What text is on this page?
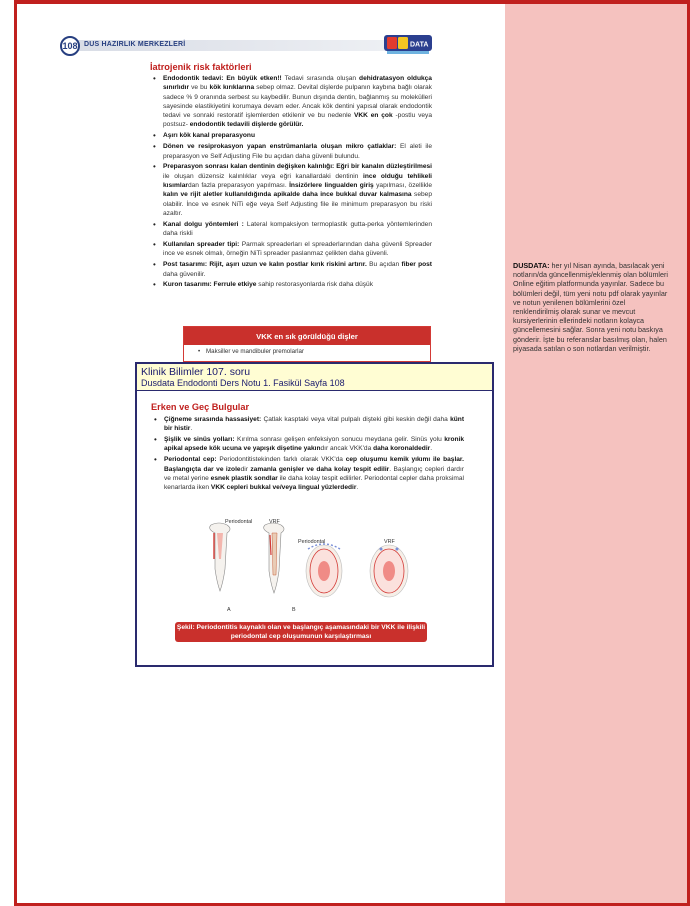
DUSDATA: her yıl Nisan ayında, basılacak yeni notların/da güncellenmiş/eklenmiş olan bölümleri Online eğitim platformunda yayınlar. Sadece bu bölümleri değil, tüm yeni notu pdf olarak yayınlar ve notun yenilenen bölümlerini özel renklendirilmiş olarak sunar ve mevcut kursiyerlerinin ellerindeki notların kolayca güncellemesini sağlar. Sonra yeni notu baskıya gönderir. İşte bu referanslar basılmış olan, halen piyasada satılan o son notlardan verilmiştir.
108 DUS HAZIRLIK MERKEZLERİ	DATA
İatrojenik risk faktörleri
• Endodontik tedavi: En büyük etken!! Tedavi sırasında oluşan dehidratasyon oldukça sınırlıdır ve bu kök kırıklarına sebep olmaz. Devital dişlerde pulpanın kaybına bağlı olarak sadece % 9 oranında serbest su kaybedilir. Bunun dışında dentin, bağlanmış su molekülleri sayesinde elastikiyetini korumaya devam eder. Ancak kök dentini yapısal olarak endodontik tedavi ve sonraki restoratif işlemlerden etkilenir ve bu nedenle VKK en çok -postlu veya postsuz- endodontik tedavili dişlerde görülür.
• Aşırı kök kanal preparasyonu
• Dönen ve resiprokasyon yapan enstrümanlarla oluşan mikro çatlaklar: El aleti ile preparasyon ve Self Adjusting File bu açıdan daha güvenli bulundu.
• Preparasyon sonrası kalan dentinin değişken kalınlığı: Eğri bir kanalın düzleştirilmesi ile oluşan düzensiz kalınlıklar veya eğri kanallardaki dentinin ince olduğu tehlikeli kısımlardan fazla preparasyon yapılması. İnsizörlere lingualden giriş yapılması, özellikle kalın ve rijit aletler kullanıldığında apikalde daha ince bukkal duvar kalmasına sebep olabilir. İnce ve esnek NiTi eğe veya Self Adjusting file ile minimum preparasyon bu riski azaltır.
• Kanal dolgu yöntemleri : Lateral kompaksiyon termoplastik gutta-perka yöntemlerinden daha riskli
• Kullanılan spreader tipi: Parmak spreaderları el spreaderlarından daha güvenli Spreader ince ve esnek olmalı, örneğin NiTi spreader paslanmaz çelikten daha güvenli.
• Post tasarımı: Rijit, aşırı uzun ve kalın postlar kırık riskini artırır. Bu açıdan fiber post daha güvenilir.
• Kuron tasarımı: Ferrule etkiye sahip restorasyonlarda risk daha düşük
VKK en sık görüldüğü dişler
• Maksiller ve mandibuler premolarlar
Klinik Bilimler 107. soru
Dusdata Endodonti Ders Notu 1. Fasikül Sayfa 108
Erken ve Geç Bulgular
• Çiğneme sırasında hassasiyet: Çatlak kasptaki veya vital pulpalı dişteki gibi keskin değil daha künt bir histir.
• Şişlik ve sinüs yolları: Kırılma sonrası gelişen enfeksiyon sonucu meydana gelir. Sinüs yolu kronik apikal apsede kök ucuna ve yapışık dişetine yakındır ancak VKK'da daha koronaldedir.
• Periodontal cep: Periodontitistekinden farklı olarak VKK'da cep oluşumu kemik yıkımı ile başlar. Başlangıçta dar ve izoledir zamanla genişler ve daha kolay tespit edilir. Başlangıç cepleri dardır ve metal yerine esnek plastik sondlar ile daha kolay tespit edilirler. Periodontal cepler daha proksimal kenarlarda iken VKK cepleri bukkal ve/veya lingual yüzlerdedir.
Periodontal	VRF
Periodontal	VRF
A	B
Şekil: Periodontitis kaynaklı olan ve başlangıç aşamasındaki bir VKK ile ilişkili periodontal cep oluşumunun karşılaştırması
